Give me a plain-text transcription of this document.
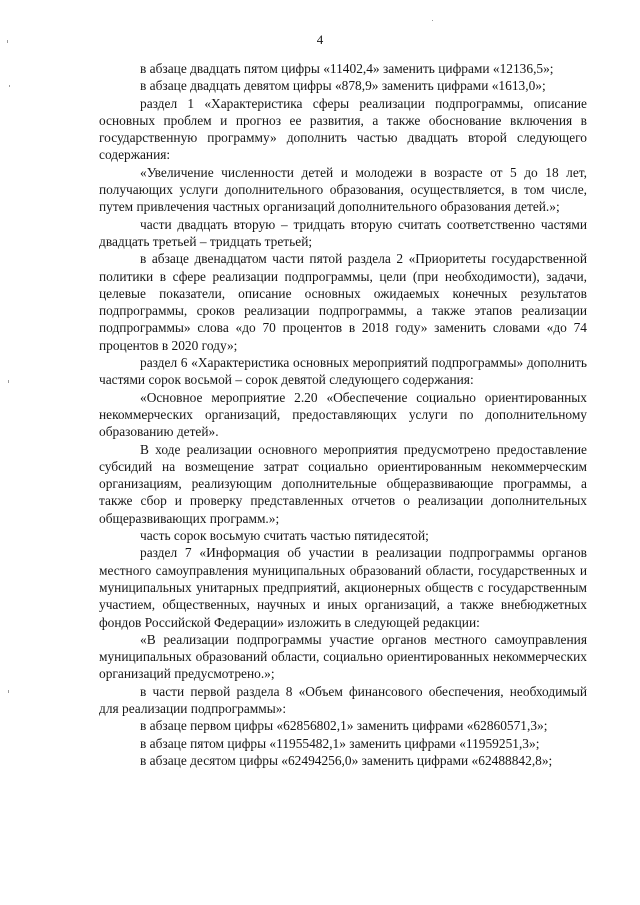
4

в абзаце двадцать пятом цифры «11402,4» заменить цифрами «12136,5»;

в абзаце двадцать девятом цифры «878,9» заменить цифрами «1613,0»;

раздел 1 «Характеристика сферы реализации подпрограммы, описание основных проблем и прогноз ее развития, а также обоснование включения в государственную программу» дополнить частью двадцать второй следующего содержания:

«Увеличение численности детей и молодежи в возрасте от 5 до 18 лет, получающих услуги дополнительного образования, осуществляется, в том числе, путем привлечения частных организаций дополнительного образования детей.»;

части двадцать вторую – тридцать вторую считать соответственно частями двадцать третьей – тридцать третьей;

в абзаце двенадцатом части пятой раздела 2 «Приоритеты государственной политики в сфере реализации подпрограммы, цели (при необходимости), задачи, целевые показатели, описание основных ожидаемых конечных результатов подпрограммы, сроков реализации подпрограммы, а также этапов реализации подпрограммы» слова «до 70 процентов в 2018 году» заменить словами «до 74 процентов в 2020 году»;

раздел 6 «Характеристика основных мероприятий подпрограммы» дополнить частями сорок восьмой – сорок девятой следующего содержания:

«Основное мероприятие 2.20 «Обеспечение социально ориентированных некоммерческих организаций, предоставляющих услуги по дополнительному образованию детей».

В ходе реализации основного мероприятия предусмотрено предоставление субсидий на возмещение затрат социально ориентированным некоммерческим организациям, реализующим дополнительные общеразвивающие программы, а также сбор и проверку представленных отчетов о реализации дополнительных общеразвивающих программ.»;

часть сорок восьмую считать частью пятидесятой;

раздел 7 «Информация об участии в реализации подпрограммы органов местного самоуправления муниципальных образований области, государственных и муниципальных унитарных предприятий, акционерных обществ с государственным участием, общественных, научных и иных организаций, а также внебюджетных фондов Российской Федерации» изложить в следующей редакции:

«В реализации подпрограммы участие органов местного самоуправления муниципальных образований области, социально ориентированных некоммерческих организаций предусмотрено.»;

в части первой раздела 8 «Объем финансового обеспечения, необходимый для реализации подпрограммы»:

в абзаце первом цифры «62856802,1» заменить цифрами «62860571,3»;

в абзаце пятом цифры «11955482,1» заменить цифрами «11959251,3»;

в абзаце десятом цифры «62494256,0» заменить цифрами «62488842,8»;
